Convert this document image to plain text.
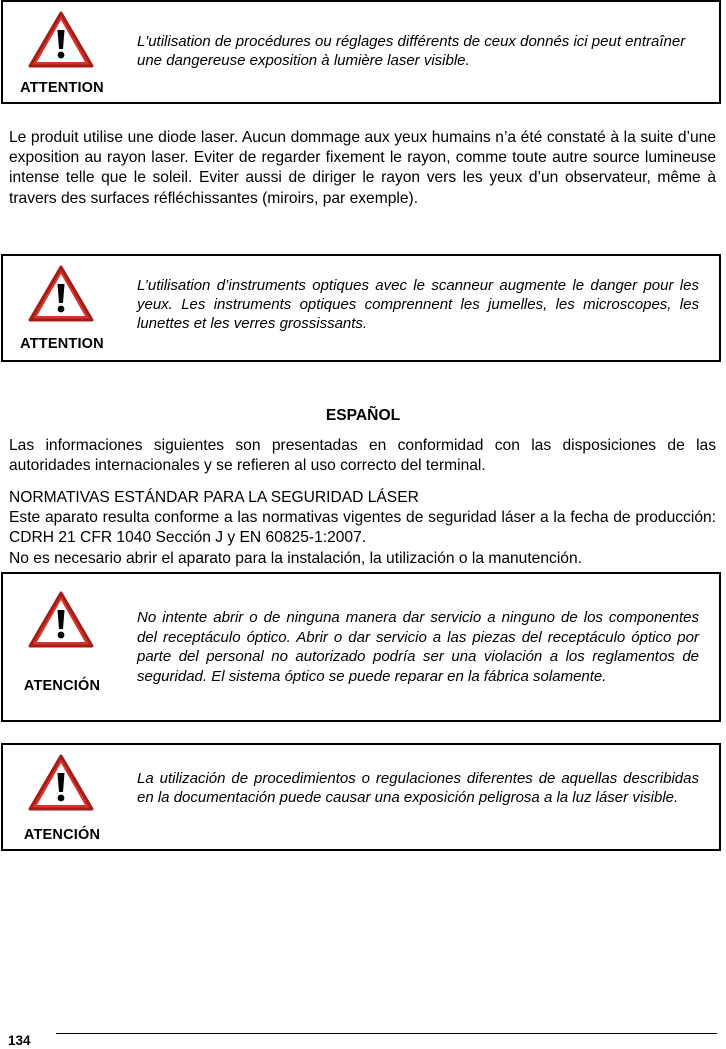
ATTENTION
L'utilisation de procédures ou réglages différents de ceux donnés ici peut entraîner une dangereuse exposition à lumière laser visible.
Le produit utilise une diode laser. Aucun dommage aux yeux humains n’a été constaté à la suite d’une exposition au rayon laser. Eviter de regarder fixement le rayon, comme toute autre source lumineuse intense telle que le soleil. Eviter aussi de diriger le rayon vers les yeux d’un observateur, même à travers des surfaces réfléchissantes (miroirs, par exemple).
ATTENTION
L’utilisation d’instruments optiques avec le scanneur augmente le danger pour les yeux. Les instruments optiques comprennent les jumelles, les microscopes, les lunettes et les verres grossissants.
ESPAÑOL
Las informaciones siguientes son presentadas en conformidad con las disposiciones de las autoridades internacionales y se refieren al uso correcto del terminal.
NORMATIVAS ESTÁNDAR PARA LA SEGURIDAD LÁSER
Este aparato resulta conforme a las normativas vigentes de seguridad láser a la fecha de producción: CDRH 21 CFR 1040 Sección J y EN 60825-1:2007.
No es necesario abrir el aparato para la instalación, la utilización o la manutención.
ATENCIÓN
No intente abrir o de ninguna manera dar servicio a ninguno de los componentes del receptáculo óptico. Abrir o dar servicio a las piezas del receptáculo óptico por parte del personal no autorizado podría ser una violación a los reglamentos de seguridad. El sistema óptico se puede reparar en la fábrica solamente.
ATENCIÓN
La utilización de procedimientos o regulaciones diferentes de aquellas describidas en la documentación puede causar una exposición peligrosa a la luz láser visible.
134
